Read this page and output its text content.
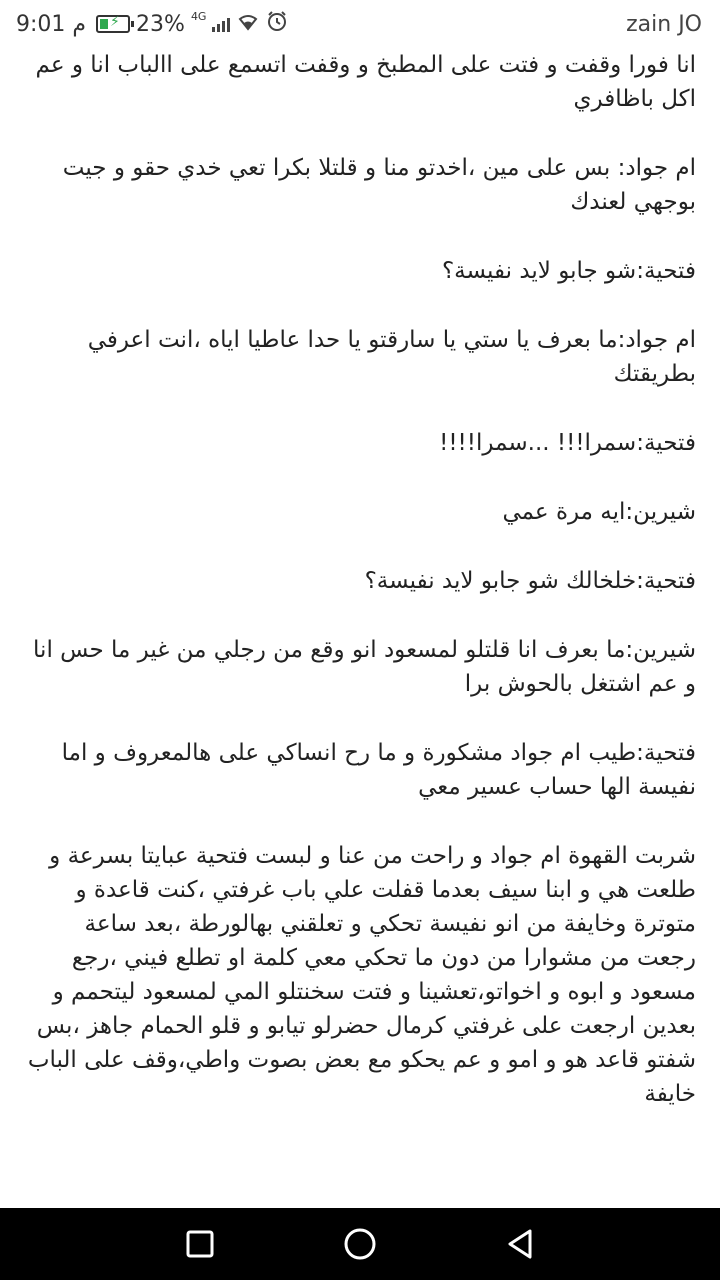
9:01 م ⚡ 23% 4G	zain JO

انا فورا وقفت و فتت على المطبخ و وقفت اتسمع على االباب انا و عم اكل باظافري

ام جواد: بس على مين ،اخدتو منا و قلتلا بكرا تعي خدي حقو و جيت بوجهي لعندك

فتحية:شو جابو لايد نفيسة؟

ام جواد:ما بعرف يا ستي يا سارقتو يا حدا عاطيا اياه ،انت اعرفي بطريقتك

فتحية:سمرا!!! ...سمرا!!!!

شيرين:ايه مرة عمي

فتحية:خلخالك شو جابو لايد نفيسة؟

شيرين:ما بعرف انا قلتلو لمسعود انو وقع من رجلي من غير ما حس انا و عم اشتغل بالحوش برا

فتحية:طيب ام جواد مشكورة و ما رح انساكي على هالمعروف و اما نفيسة الها حساب عسير معي

شربت القهوة ام جواد و راحت من عنا و لبست فتحية عبايتا بسرعة و طلعت هي و ابنا سيف بعدما قفلت علي باب غرفتي ،كنت قاعدة و متوترة وخايفة من انو نفيسة تحكي و تعلقني بهالورطة ،بعد ساعة رجعت من مشوارا من دون ما تحكي معي كلمة او تطلع فيني ،رجع مسعود و ابوه و اخواتو،تعشينا و فتت سخنتلو المي لمسعود ليتحمم و بعدين ارجعت على غرفتي كرمال حضرلو تيابو و قلو الحمام جاهز ،بس شفتو قاعد هو و امو و عم يحكو مع بعض بصوت واطي،وقف على الباب خايفة
